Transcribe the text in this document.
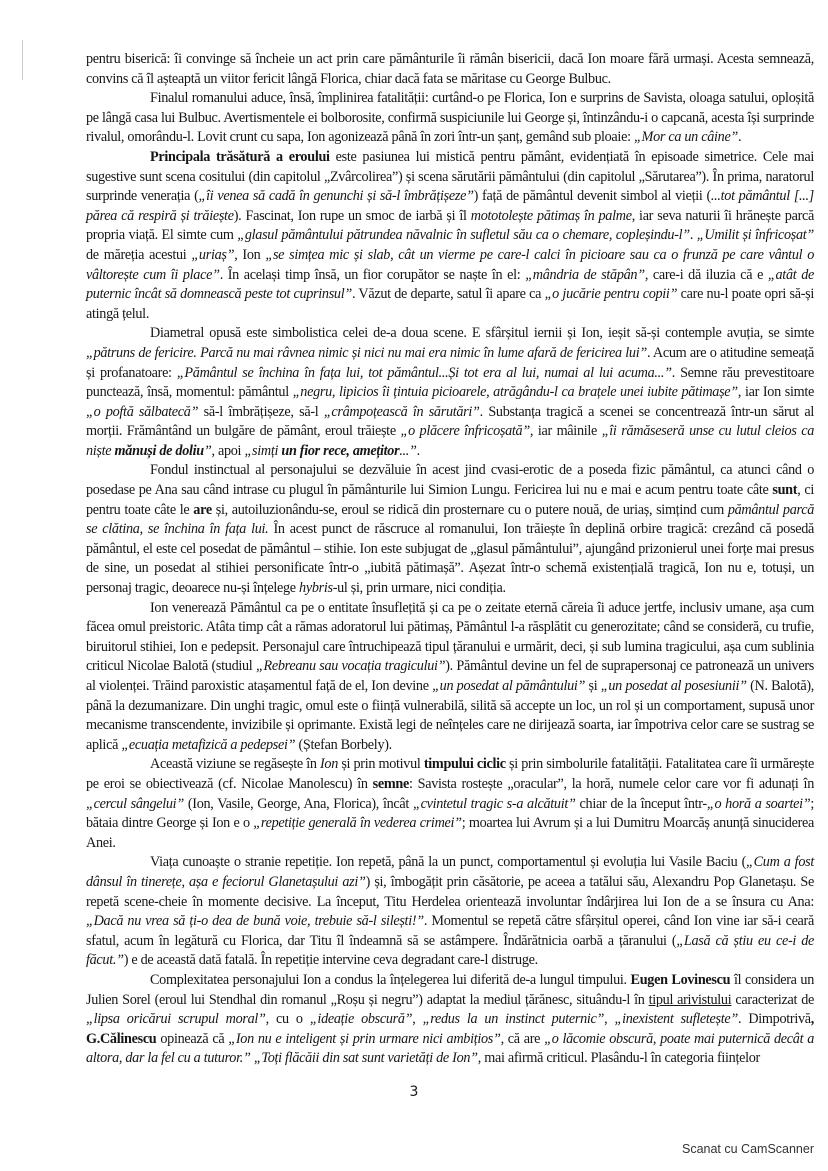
pentru biserică: îi convinge să încheie un act prin care pământurile îi rămân bisericii, dacă Ion moare fără urmași. Acesta semnează, convins că îl așteaptă un viitor fericit lângă Florica, chiar dacă fata se măritase cu George Bulbuc.

Finalul romanului aduce, însă, împlinirea fatalității: curtând-o pe Florica, Ion e surprins de Savista, oloaga satului, oploșită pe lângă casa lui Bulbuc. Avertismentele ei bolborosite, confirmă suspiciunile lui George și, întinzându-i o capcană, acesta își surprinde rivalul, omorându-l. Lovit crunt cu sapa, Ion agonizează până în zori într-un șanț, gemând sub ploaie: „Mor ca un câine”.

Principala trăsătură a eroului este pasiunea lui mistică pentru pământ, evidențiată în episoade simetrice. Cele mai sugestive sunt scena cositului (din capitolul „Zvârcolirea”) și scena sărutării pământului (din capitolul „Sărutarea”). În prima, naratorul surprinde venerația („îi venea să cadă în genunchi și să-l îmbrățișeze”) față de pământul devenit simbol al vieții (...tot pământul [...] părea că respiră și trăiește). Fascinat, Ion rupe un smoc de iarbă și îl mototolește pătimaș în palme, iar seva naturii îi hrănește parcă propria viață. El simte cum „glasul pământului pătrundea năvalnic în sufletul său ca o chemare, copleșindu-l”. „Umilit și înfricoșat” de măreția acestui „uriaș”, Ion „se simțea mic și slab, cât un vierme pe care-l calci în picioare sau ca o frunză pe care vântul o vâltorește cum îi place”. În același timp însă, un fior corupător se naște în el: „mândria de stăpân”, care-i dă iluzia că e „atât de puternic încât să domnească peste tot cuprinsul”. Văzut de departe, satul îi apare ca „o jucărie pentru copii” care nu-l poate opri să-și atingă țelul.

Diametral opusă este simbolistica celei de-a doua scene. E sfârșitul iernii și Ion, ieșit să-și contemple avuția, se simte „pătruns de fericire. Parcă nu mai râvnea nimic și nici nu mai era nimic în lume afară de fericirea lui”. Acum are o atitudine semeață și profanatoare: „Pământul se închina în fața lui, tot pământul...Și tot era al lui, numai al lui acuma...”. Semne rău prevestitoare punctează, însă, momentul: pământul „negru, lipicios îi țintuia picioarele, atrăgându-l ca brațele unei iubite pătimașe”, iar Ion simte „o poftă sălbatecă” să-l îmbrățișeze, să-l „crâmpoțească în sărutări”. Substanța tragică a scenei se concentrează într-un sărut al morții. Frământând un bulgăre de pământ, eroul trăiește „o plăcere înfricoșată”, iar mâinile „îi rămăseseră unse cu lutul cleios ca niște mănuși de doliu”, apoi „simți un fior rece, amețitor...”.

Fondul instinctual al personajului se dezvăluie în acest jind cvasi-erotic de a poseda fizic pământul, ca atunci când o posedase pe Ana sau când intrase cu plugul în pământurile lui Simion Lungu. Fericirea lui nu e mai e acum pentru toate câte sunt, ci pentru toate câte le are și, autoiluzionându-se, eroul se ridică din prosternare cu o putere nouă, de uriaș, simțind cum pământul parcă se clătina, se închina în fața lui. În acest punct de răscruce al romanului, Ion trăiește în deplină orbire tragică: crezând că posedă pământul, el este cel posedat de pământul – stihie. Ion este subjugat de „glasul pământului”, ajungând prizonierul unei forțe mai presus de sine, un posedat al stihiei personificate într-o „iubită pătimașă”. Așezat într-o schemă existențială tragică, Ion nu e, totuși, un personaj tragic, deoarece nu-și înțelege hybris-ul și, prin urmare, nici condiția.

Ion venerează Pământul ca pe o entitate însuflețită și ca pe o zeitate eternă căreia îi aduce jertfe, inclusiv umane, așa cum făcea omul preistoric. Atâta timp cât a rămas adoratorul lui pătimaș, Pământul l-a răsplătit cu generozitate; când se consideră, cu trufie, biruitorul stihiei, Ion e pedepsit. Personajul care întruchipează tipul țăranului e urmărit, deci, și sub lumina tragicului, așa cum sublinia criticul Nicolae Balotă (studiul „Rebreanu sau vocația tragicului”). Pământul devine un fel de suprapersonaj ce patronează un univers al violenței. Trăind paroxistic atașamentul față de el, Ion devine „un posedat al pământului” și „un posedat al posesiunii” (N. Balotă), până la dezumanizare. Din unghi tragic, omul este o ființă vulnerabilă, silită să accepte un loc, un rol și un comportament, supusă unor mecanisme transcendente, invizibile și oprimante. Există legi de neînțeles care ne dirijează soarta, iar împotriva celor care se sustrag se aplică „ecuația metafizică a pedepsei” (Ștefan Borbely).

Această viziune se regăsește în Ion și prin motivul timpului ciclic și prin simbolurile fatalității. Fatalitatea care îi urmărește pe eroi se obiectivează (cf. Nicolae Manolescu) în semne: Savista rostește „oracular”, la horă, numele celor care vor fi adunați în „cercul sângelui” (Ion, Vasile, George, Ana, Florica), încât „cvintetul tragic s-a alcătuit” chiar de la început într-„o horă a soartei”; bătaia dintre George și Ion e o „repetiție generală în vederea crimei”; moartea lui Avrum și a lui Dumitru Moarcăș anunță sinuciderea Anei.

Viața cunoaște o stranie repetiție. Ion repetă, până la un punct, comportamentul și evoluția lui Vasile Baciu („Cum a fost dânsul în tinerețe, așa e feciorul Glanetașului azi”) și, îmbogățit prin căsătorie, pe aceea a tatălui său, Alexandru Pop Glanetașu. Se repetă scene-cheie în momente decisive. La început, Titu Herdelea orientează involuntar îndârjirea lui Ion de a se însura cu Ana: „Dacă nu vrea să ți-o dea de bună voie, trebuie să-l silești!”. Momentul se repetă către sfârșitul operei, când Ion vine iar să-i ceară sfatul, acum în legătură cu Florica, dar Titu îl îndeamnă să se astâmpere. Îndărătnicia oarbă a țăranului („Lasă că știu eu ce-i de făcut.”) e de această dată fatală. În repetiție intervine ceva degradant care-l distruge.

Complexitatea personajului Ion a condus la înțelegerea lui diferită de-a lungul timpului. Eugen Lovinescu îl considera un Julien Sorel (eroul lui Stendhal din romanul „Roșu și negru”) adaptat la mediul țărănesc, situându-l în tipul arivistului caracterizat de „lipsa oricărui scrupul moral”, cu o „ideație obscură”, „redus la un instinct puternic”, „inexistent sufletește”. Dimpotrivă, G.Călinescu opinează că „Ion nu e inteligent și prin urmare nici ambițios”, că are „o lăcomie obscură, poate mai puternică decât a altora, dar la fel cu a tuturor.” „Toți flăcăii din sat sunt varietăți de Ion”, mai afirmă criticul. Plasându-l în categoria ființelor

3
Scanat cu CamScanner
